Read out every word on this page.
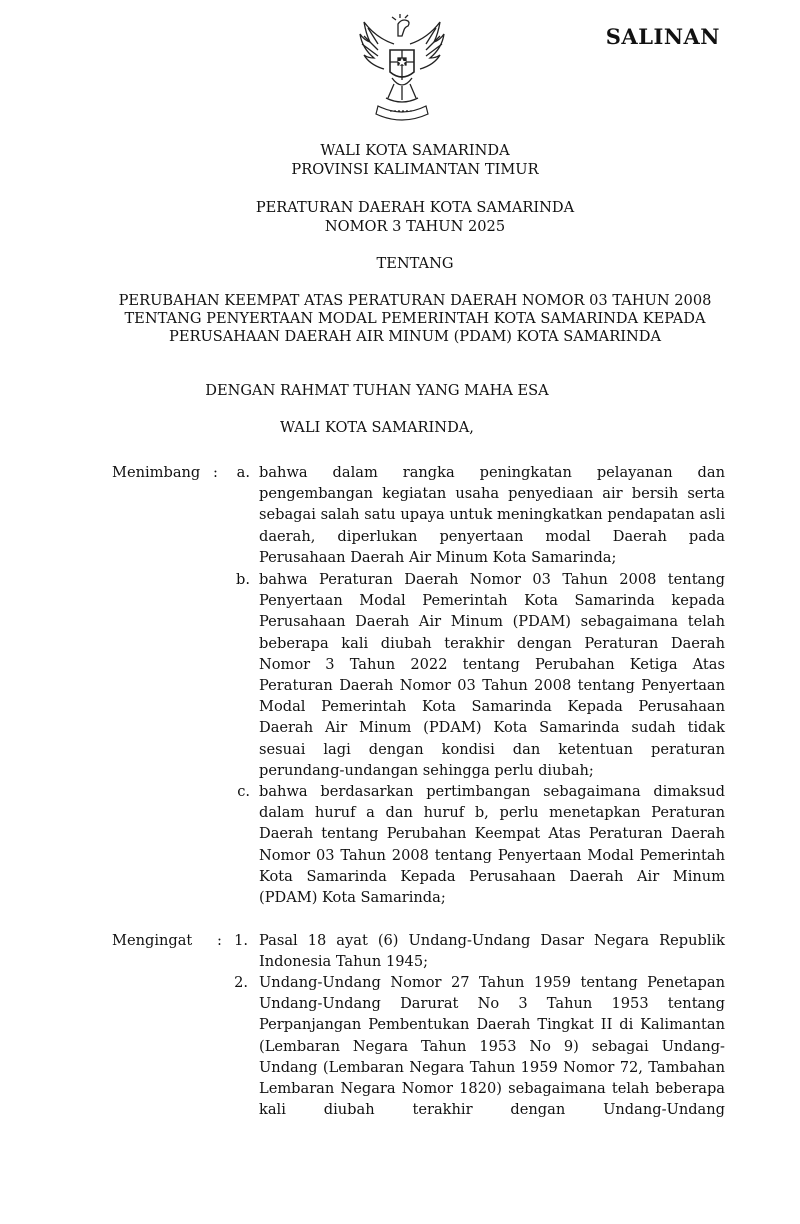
SALINAN
WALI KOTA SAMARINDA
PROVINSI KALIMANTAN TIMUR
PERATURAN DAERAH KOTA SAMARINDA
NOMOR 3 TAHUN 2025
TENTANG
PERUBAHAN KEEMPAT ATAS PERATURAN DAERAH NOMOR 03 TAHUN 2008
TENTANG PENYERTAAN MODAL PEMERINTAH KOTA SAMARINDA KEPADA
PERUSAHAAN DAERAH AIR MINUM (PDAM) KOTA SAMARINDA
DENGAN RAHMAT TUHAN YANG MAHA ESA
WALI KOTA SAMARINDA,
Menimbang :	a. bahwa dalam rangka peningkatan pelayanan dan pengembangan kegiatan usaha penyediaan air bersih serta sebagai salah satu upaya untuk meningkatkan pendapatan asli daerah, diperlukan penyertaan modal Daerah pada Perusahaan Daerah Air Minum Kota Samarinda;
b. bahwa Peraturan Daerah Nomor 03 Tahun 2008 tentang Penyertaan Modal Pemerintah Kota Samarinda kepada Perusahaan Daerah Air Minum (PDAM) sebagaimana telah beberapa kali diubah terakhir dengan Peraturan Daerah Nomor 3 Tahun 2022 tentang Perubahan Ketiga Atas Peraturan Daerah Nomor 03 Tahun 2008 tentang Penyertaan Modal Pemerintah Kota Samarinda Kepada Perusahaan Daerah Air Minum (PDAM) Kota Samarinda sudah tidak sesuai lagi dengan kondisi dan ketentuan peraturan perundang-undangan sehingga perlu diubah;
c. bahwa berdasarkan pertimbangan sebagaimana dimaksud dalam huruf a dan huruf b, perlu menetapkan Peraturan Daerah tentang Perubahan Keempat Atas Peraturan Daerah Nomor 03 Tahun 2008 tentang Penyertaan Modal Pemerintah Kota Samarinda Kepada Perusahaan Daerah Air Minum (PDAM) Kota Samarinda;
Mengingat : 1. Pasal 18 ayat (6) Undang-Undang Dasar Negara Republik Indonesia Tahun 1945;
2. Undang-Undang Nomor 27 Tahun 1959 tentang Penetapan Undang-Undang Darurat No 3 Tahun 1953 tentang Perpanjangan Pembentukan Daerah Tingkat II di Kalimantan (Lembaran Negara Tahun 1953 No 9) sebagai Undang-Undang (Lembaran Negara Tahun 1959 Nomor 72, Tambahan Lembaran Negara Nomor 1820) sebagaimana telah beberapa kali diubah terakhir dengan Undang-Undang
